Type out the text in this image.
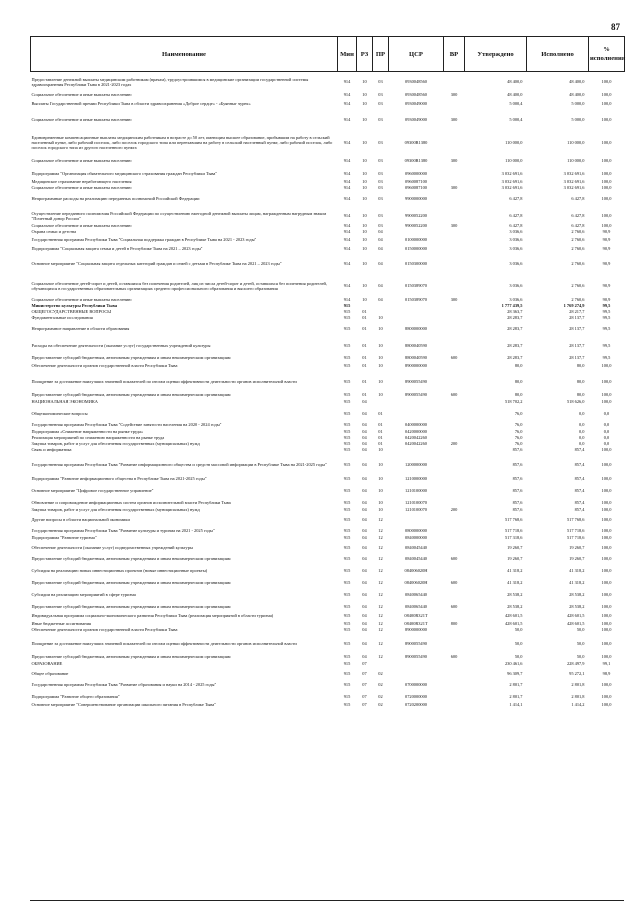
87
Наименование	Мин	РЗ	ПР	ЦСР	ВР	Утверждено	Исполнено	% исполнения

Предоставление денежной выплаты медицинским работникам (врачам), трудоустроившимся в медицинские организации государственной системы здравоохранения Республики Тыва в 2021-2023 годах	914	10	03	0930048560		48 400,0	48 400,0	100,0
Социальное обеспечение и иные выплаты населению	914	10	03	0930048560	300	48 400,0	48 400,0	100,0
Выплаты Государственной премии Республики Тыва в области здравоохранения «Доброе сердце» - «Буянныг чурек»	914	10	03	0930049000		5 000,4	5 000,0	100,0

Социальное обеспечение и иные выплаты населению	914	10	03	0930049000	300	5 000,4	5 000,0	100,0

Единовременные компенсационные выплаты медицинским работникам в возрасте до 50 лет, имеющим высшее образование, прибывшим на работу в сельский населенный пункт, либо рабочий поселок, либо поселок городского типа или переехавшим на работу в сельский населенный пункт, либо рабочий поселок, либо поселок городского типа из другого населенного пункта	914	10	03	09300R1380		110 000,0	110 000,0	100,0
Социальное обеспечение и иные выплаты населению	914	10	03	09300R1380	300	110 000,0	110 000,0	100,0

Подпрограмма "Организация обязательного медицинского страхования граждан Республики Тыва"	914	10	03	0960000000		3 032 691,6	3 032 691,6	100,0
Медицинское страхование неработающего населения	914	10	03	0960087100		3 032 691,6	3 032 691,6	100,0
Социальное обеспечение и иные выплаты населению	914	10	03	0960087100	300	3 032 691,6	3 032 691,6	100,0

Непрограммные расходы на реализацию переданных полномочий Российской Федерации	914	10	03	9900000000		6 427,8	6 427,8	100,0

Осуществление переданного полномочия Российской Федерации по осуществлению ежегодной денежной выплаты лицам, награжденным нагрудным знаком "Почетный донор России"	914	10	03	9900052200		6 427,8	6 427,8	100,0
Социальное обеспечение и иные выплаты населению	914	10	03	9900052200	300	6 427,8	6 427,8	100,0
Охрана семьи и детства	914	10	04			3 036,6	2 760,6	90,9
Государственная программа Республики Тыва "Социальная поддержка граждан в Республике Тыва на 2021 - 2023 годы"	914	10	04	0100000000		3 036,6	2 760,6	90,9
Подпрограмма "Социальная защита семьи и детей в Республике Тыва на 2021 – 2023 годы"	914	10	04	0150000000		3 036,6	2 760,6	90,9

Основное мероприятие "Социальная защита отдельных категорий граждан и семей с детьми в Республике Тыва на 2021 – 2023 годы"	914	10	04	0150300000		3 036,6	2 760,6	90,9

Социальное обеспечение детей-сирот и детей, оставшихся без попечения родителей, лиц из числа детей-сирот и детей, оставшихся без попечения родителей, обучающихся в государственных образовательных организациях среднего профессионального образования и высшего образования	914	10	04	0150389070		3 036,6	2 760,6	90,9
Социальное обеспечение и иные выплаты населению	914	10	04	0150389070	300	3 036,6	2 760,6	90,9
Министерство культуры Республики Тыва	915					1 777 439,5	1 769 274,9	99,5
ОБЩЕГОСУДАРСТВЕННЫЕ ВОПРОСЫ	915	01				28 363,7	28 217,7	99,5
Фундаментальные исследования	915	01	10			28 283,7	28 137,7	99,5

Непрограммное направление в области образования	915	01	10	8800000000		28 283,7	28 137,7	99,5

Расходы на обеспечение деятельности (оказание услуг) государственных учреждений культуры	915	01	10	8800040590		28 283,7	28 137,7	99,5

Предоставление субсидий бюджетным, автономным учреждениям и иным некоммерческим организациям	915	01	10	8800040590	600	28 283,7	28 137,7	99,5
Обеспечение деятельности органов государственной власти Республики Тыва	915	01	10	8900000000		80,0	80,0	100,0

Поощрение за достижение наилучших значений показателей по итогам оценки эффективности деятельности органов исполнительной власти	915	01	10	8900055490		80,0	80,0	100,0

Предоставление субсидий бюджетным, автономным учреждениям и иным некоммерческим организациям	915	01	10	8900055490	600	80,0	80,0	100,0
НАЦИОНАЛЬНАЯ ЭКОНОМИКА	915	04				518 702,2	518 626,0	100,0

Общеэкономические вопросы	915	04	01			76,0	0,0	0,0

Государственная программа Республики Тыва "Содействие занятости населения на 2020 - 2024 годы"	915	04	01	0400000000		76,0	0,0	0,0
Подпрограмма «Снижение напряженности на рынке труда»	915	04	01	0420000000		76,0	0,0	0,0
Реализация мероприятий по снижению напряженности на рынке труда	915	04	01	0420042260		76,0	0,0	0,0
Закупка товаров, работ и услуг для обеспечения государственных (муниципальных) нужд	915	04	01	0420042260	200	76,0	0,0	0,0
Связь и информатика	915	04	10			857,6	857,4	100,0

Государственная программа Республики Тыва "Развитие информационного общества и средств массовой информации в Республике Тыва на 2021-2025 годы"	915	04	10	1200000000		857,6	857,4	100,0

Подпрограмма "Развитие информационного общества в Республике Тыва на 2021-2025 годы"	915	04	10	1210000000		857,6	857,4	100,0

Основное мероприятие "Цифровое государственное управление"	915	04	10	1210100000		857,6	857,4	100,0

Обновление и сопровождение информационных систем органов исполнительной власти Республики Тыва	915	04	10	1210100070		857,6	857,4	100,0
Закупка товаров, работ и услуг для обеспечения государственных (муниципальных) нужд	915	04	10	1210100070	200	857,6	857,4	100,0

Другие вопросы в области национальной экономики	915	04	12			517 768,6	517 768,6	100,0

Государственная программа Республики Тыва "Развитие культуры и туризма на 2021 - 2025 годы"	915	04	12	0800000000		517 718,6	517 718,6	100,0
Подпрограмма "Развитие туризма"	915	04	12	0840000000		517 318,6	517 718,6	100,0

Обеспечение деятельности (оказание услуг) подведомственных учреждений культуры	915	04	12	0840045440		19 260,7	19 260,7	100,0

Предоставление субсидий бюджетным, автономным учреждениям и иным некоммерческим организациям	915	04	12	0840045440	600	19 260,7	19 260,7	100,0

Субсидия на реализацию новых инвестиционных проектов (новые инвестиционные проекты)	915	04	12	084006020Н		41 318,2	41 318,2	100,0

Предоставление субсидий бюджетным, автономным учреждениям и иным некоммерческим организациям	915	04	12	084006020Н	600	41 318,2	41 318,2	100,0

Субсидии на реализацию мероприятий в сфере туризма	915	04	12	0840065440		28 538,2	28 538,2	100,0

Предоставление субсидий бюджетным, автономным учреждениям и иным некоммерческим организациям	915	04	12	0840065440	600	28 538,2	28 538,2	100,0
Индивидуальная программа социально-экономического развития Республики Тыва (реализация мероприятий в области туризма)	915	04	12	08400R321Т		428 601,5	428 601,5	100,0
Иные бюджетные ассигнования	915	04	12	08400R321Т	800	428 601,5	428 601,5	100,0
Обеспечение деятельности органов государственной власти Республики Тыва	915	04	12	8900000000		50,0	50,0	100,0

Поощрение за достижение наилучших значений показателей по итогам оценки эффективности деятельности органов исполнительной власти	915	04	12	8900055490		50,0	50,0	100,0

Предоставление субсидий бюджетным, автономным учреждениям и иным некоммерческим организациям	915	04	12	8900055490	600	50,0	50,0	100,0
ОБРАЗОВАНИЕ	915	07				230 461,6	228 497,9	99,1

Общее образование	915	07	02			96 309,7	95 272,1	98,9

Государственная программа Республики Тыва "Развитие образования и науки на 2014 - 2025 годы"	915	07	02	0700000000		2 801,7	2 801,8	100,0

Подпрограмма "Развитие общего образования"	915	07	02	0720000000		2 801,7	2 801,8	100,0
Основное мероприятие "Совершенствование организации школьного питания в Республике Тыва"	915	07	02	0720200000		1 414,1	1 414,2	100,0
